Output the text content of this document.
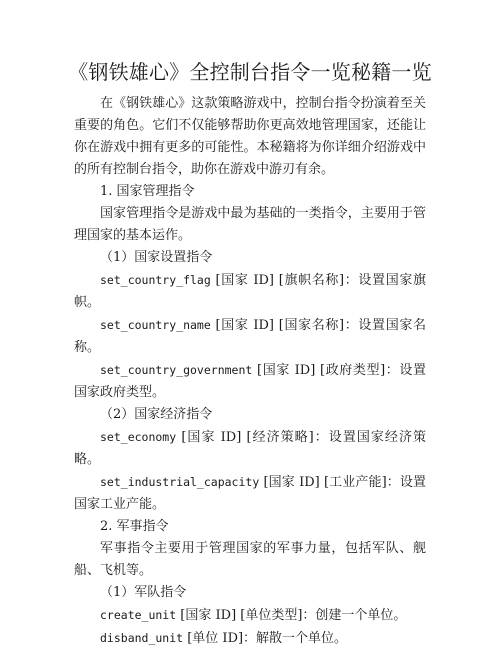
《钢铁雄心》全控制台指令一览秘籍一览

在《钢铁雄心》这款策略游戏中，控制台指令扮演着至关重要的角色。它们不仅能够帮助你更高效地管理国家，还能让你在游戏中拥有更多的可能性。本秘籍将为你详细介绍游戏中的所有控制台指令，助你在游戏中游刃有余。

1. 国家管理指令

国家管理指令是游戏中最为基础的一类指令，主要用于管理国家的基本运作。

（1）国家设置指令

set_country_flag [国家 ID] [旗帜名称]：设置国家旗帜。

set_country_name [国家 ID] [国家名称]：设置国家名称。

set_country_government [国家 ID] [政府类型]：设置国家政府类型。

（2）国家经济指令

set_economy [国家 ID] [经济策略]：设置国家经济策略。

set_industrial_capacity [国家 ID] [工业产能]：设置国家工业产能。

2. 军事指令

军事指令主要用于管理国家的军事力量，包括军队、舰船、飞机等。

（1）军队指令

create_unit [国家 ID] [单位类型]：创建一个单位。

disband_unit [单位 ID]：解散一个单位。
